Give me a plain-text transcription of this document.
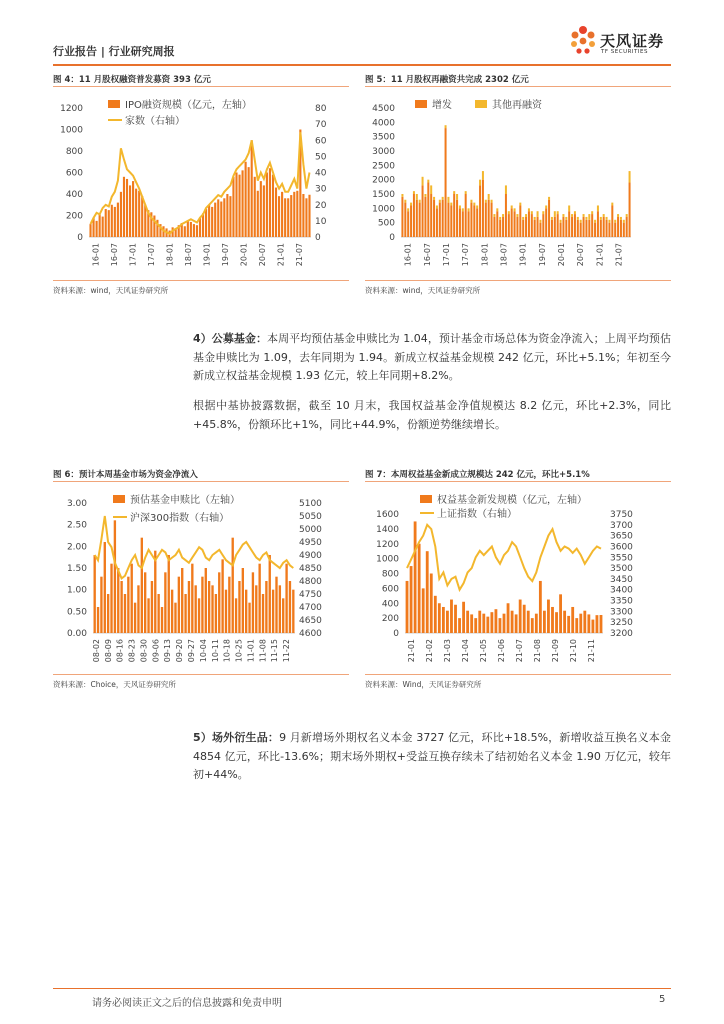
行业报告 | 行业研究周报
天风证券
TF SECURITIES
图 4：11 月股权融资普发募资 393 亿元
0
200
400
600
800
1000
1200
0
10
20
30
40
50
60
70
80
16-01 16-07 17-01 17-07 18-01 18-07 19-01 19-07 20-01 20-07 21-01 21-07
IPO融资规模（亿元，左轴）
家数（右轴）
资料来源：wind，天风证券研究所
图 5：11 月股权再融资共完成 2302 亿元
0
500
1000
1500
2000
2500
3000
3500
4000
4500
16-01 16-07 17-01 17-07 18-01 18-07 19-01 19-07 20-01 20-07 21-01 21-07
增发	其他再融资
资料来源：wind，天风证券研究所
4）公募基金：本周平均预估基金申赎比为 1.04，预计基金市场总体为资金净流入；上周平均预估基金申赎比为 1.09，去年同期为 1.94。新成立权益基金规模 242 亿元，环比+5.1%；年初至今新成立权益基金规模 1.93 亿元，较上年同期+8.2%。
根据中基协披露数据，截至 10 月末，我国权益基金净值规模达 8.2 亿元，环比+2.3%，同比+45.8%，份额环比+1%，同比+44.9%，份额逆势继续增长。
图 6：预计本周基金市场为资金净流入
0.00
0.50
1.00
1.50
2.00
2.50
3.00
4600
4650
4700
4750
4800
4850
4900
4950
5000
5050
5100
08-02 08-09 08-16 08-23 08-30 09-06 09-13 09-20 09-27 10-04 10-11 10-18 10-25 11-01 11-08 11-15 11-22
预估基金申赎比（左轴）
沪深300指数（右轴）
资料来源：Choice，天风证券研究所
图 7：本周权益基金新成立规模达 242 亿元，环比+5.1%
0
200
400
600
800
1000
1200
1400
1600
3200
3250
3300
3350
3400
3450
3500
3550
3600
3650
3700
3750
21-01 21-02 21-03 21-04 21-05 21-06 21-07 21-08 21-09 21-10 21-11
权益基金新发规模（亿元，左轴）
上证指数（右轴）
资料来源：Wind，天风证券研究所
5）场外衍生品：9 月新增场外期权名义本金 3727 亿元，环比+18.5%，新增收益互换名义本金 4854 亿元，环比-13.6%；期末场外期权+受益互换存续未了结初始名义本金 1.90 万亿元，较年初+44%。
请务必阅读正文之后的信息披露和免责申明	5
